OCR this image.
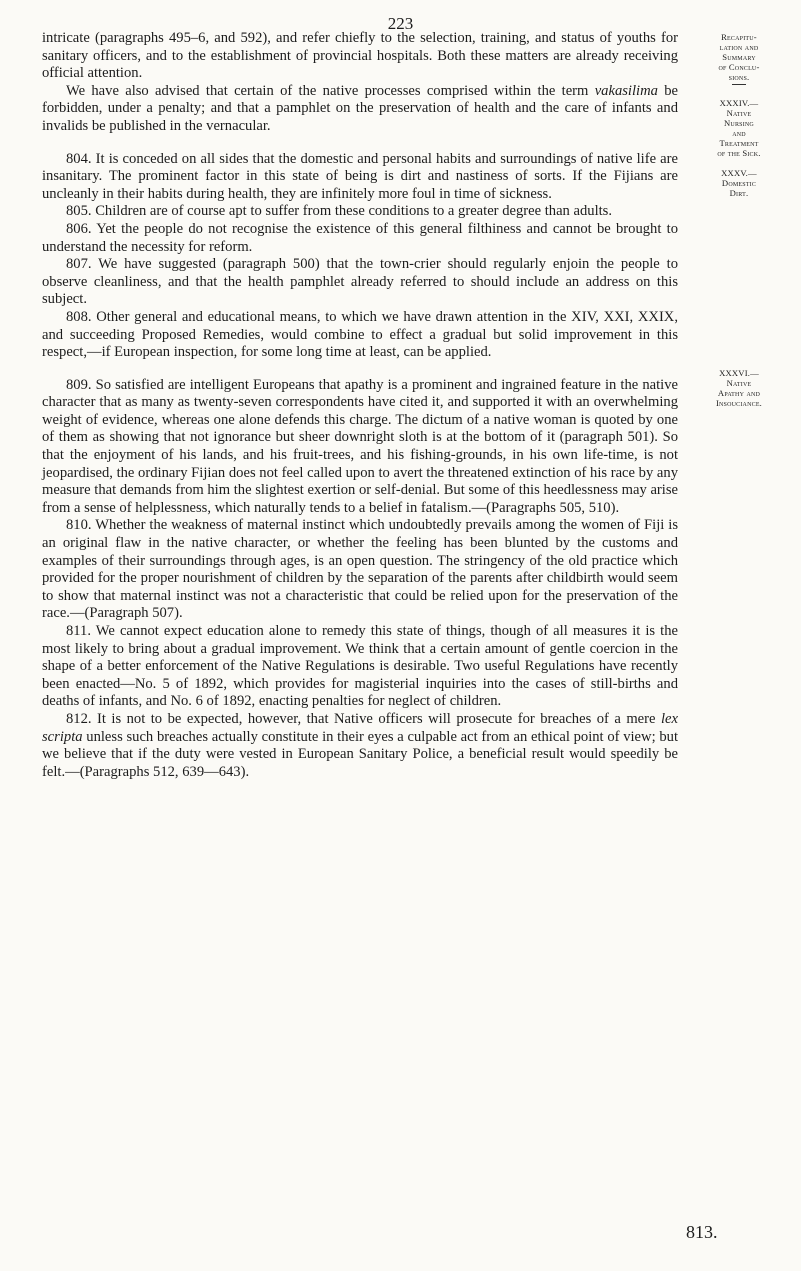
223

intricate (paragraphs 495–6, and 592), and refer chiefly to the selection, training, and status of youths for sanitary officers, and to the establishment of provincial hospitals. Both these matters are already receiving official attention.

We have also advised that certain of the native processes comprised within the term vakasilima be forbidden, under a penalty; and that a pamphlet on the preservation of health and the care of infants and invalids be published in the vernacular.

804. It is conceded on all sides that the domestic and personal habits and surroundings of native life are insanitary. The prominent factor in this state of being is dirt and nastiness of sorts. If the Fijians are uncleanly in their habits during health, they are infinitely more foul in time of sickness.

805. Children are of course apt to suffer from these conditions to a greater degree than adults.

806. Yet the people do not recognise the existence of this general filthiness and cannot be brought to understand the necessity for reform.

807. We have suggested (paragraph 500) that the town-crier should regularly enjoin the people to observe cleanliness, and that the health pamphlet already referred to should include an address on this subject.

808. Other general and educational means, to which we have drawn attention in the XIV, XXI, XXIX, and succeeding Proposed Remedies, would combine to effect a gradual but solid improvement in this respect,—if European inspection, for some long time at least, can be applied.

809. So satisfied are intelligent Europeans that apathy is a prominent and ingrained feature in the native character that as many as twenty-seven correspondents have cited it, and supported it with an overwhelming weight of evidence, whereas one alone defends this charge. The dictum of a native woman is quoted by one of them as showing that not ignorance but sheer downright sloth is at the bottom of it (paragraph 501). So that the enjoyment of his lands, and his fruit-trees, and his fishing-grounds, in his own life-time, is not jeopardised, the ordinary Fijian does not feel called upon to avert the threatened extinction of his race by any measure that demands from him the slightest exertion or self-denial. But some of this heedlessness may arise from a sense of helplessness, which naturally tends to a belief in fatalism.—(Paragraphs 505, 510).

810. Whether the weakness of maternal instinct which undoubtedly prevails among the women of Fiji is an original flaw in the native character, or whether the feeling has been blunted by the customs and examples of their surroundings through ages, is an open question. The stringency of the old practice which provided for the proper nourishment of children by the separation of the parents after childbirth would seem to show that maternal instinct was not a characteristic that could be relied upon for the preservation of the race.—(Paragraph 507).

811. We cannot expect education alone to remedy this state of things, though of all measures it is the most likely to bring about a gradual improvement. We think that a certain amount of gentle coercion in the shape of a better enforcement of the Native Regulations is desirable. Two useful Regulations have recently been enacted—No. 5 of 1892, which provides for magisterial inquiries into the cases of still-births and deaths of infants, and No. 6 of 1892, enacting penalties for neglect of children.

812. It is not to be expected, however, that Native officers will prosecute for breaches of a mere lex scripta unless such breaches actually constitute in their eyes a culpable act from an ethical point of view; but we believe that if the duty were vested in European Sanitary Police, a beneficial result would speedily be felt.—(Paragraphs 512, 639—643).

Recapitu-
lation and
Summary
of Conclu-
sions.
XXXIV.—
Native
Nursing
and
Treatment
of the Sick.
XXXV.—
Domestic
Dirt.
XXXVI.—
Native
Apathy and
Insouciance.
813.
